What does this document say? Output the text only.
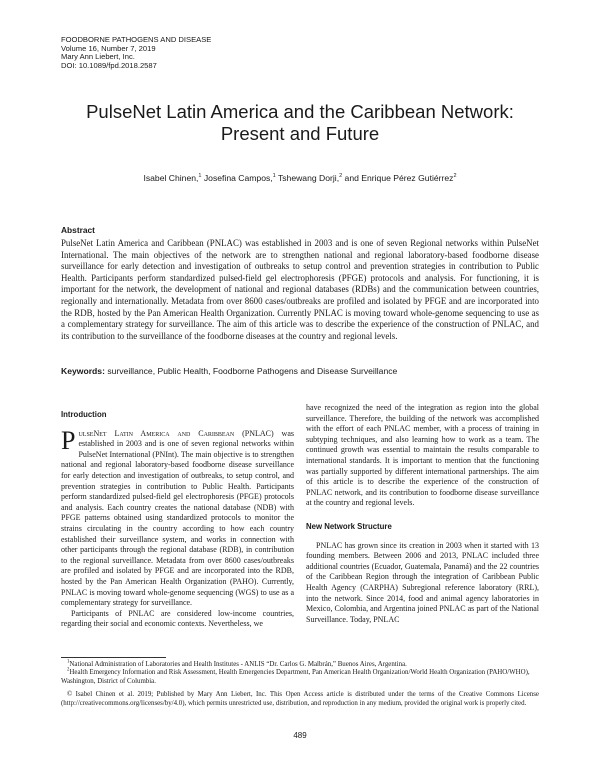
FOODBORNE PATHOGENS AND DISEASE
Volume 16, Number 7, 2019
Mary Ann Liebert, Inc.
DOI: 10.1089/fpd.2018.2587
PulseNet Latin America and the Caribbean Network:
Present and Future
Isabel Chinen,$^1$ Josefina Campos,$^1$ Tshewang Dorji,$^2$ and Enrique Pérez Gutiérrez$^2$
Abstract

PulseNet Latin America and Caribbean (PNLAC) was established in 2003 and is one of seven Regional networks within PulseNet International. The main objectives of the network are to strengthen national and regional laboratory-based foodborne disease surveillance for early detection and investigation of outbreaks to setup control and prevention strategies in contribution to Public Health. Participants perform standardized pulsed-field gel electrophoresis (PFGE) protocols and analysis. For functioning, it is important for the network, the development of national and regional databases (RDBs) and the communication between countries, regionally and internationally. Metadata from over 8600 cases/outbreaks are profiled and isolated by PFGE and are incorporated into the RDB, hosted by the Pan American Health Organization. Currently PNLAC is moving toward whole-genome sequencing to use as a complementary strategy for surveillance. The aim of this article was to describe the experience of the construction of PNLAC, and its contribution to the surveillance of the foodborne diseases at the country and regional levels.

Keywords: surveillance, Public Health, Foodborne Pathogens and Disease Surveillance
Introduction

PulseNet Latin America and Caribbean (PNLAC) was established in 2003 and is one of seven regional networks within PulseNet International (PNInt). The main objective is to strengthen national and regional laboratory-based foodborne disease surveillance for early detection and investigation of outbreaks, to setup control, and prevention strategies in contribution to Public Health. Participants perform standardized pulsed-field gel electrophoresis (PFGE) protocols and analysis. Each country creates the national database (NDB) with PFGE patterns obtained using standardized protocols to monitor the strains circulating in the country according to how each country established their surveillance system, and works in connection with other participants through the regional database (RDB), in contribution to the regional surveillance. Metadata from over 8600 cases/outbreaks are profiled and isolated by PFGE and are incorporated into the RDB, hosted by the Pan American Health Organization (PAHO). Currently, PNLAC is moving toward whole-genome sequencing (WGS) to use as a complementary strategy for surveillance.

Participants of PNLAC are considered low-income countries, regarding their social and economic contexts. Nevertheless, we

have recognized the need of the integration as region into the global surveillance. Therefore, the building of the network was accomplished with the effort of each PNLAC member, with a process of training in subtyping techniques, and also learning how to work as a team. The continued growth was essential to maintain the results comparable to international standards. It is important to mention that the functioning was partially supported by different international partnerships. The aim of this article is to describe the experience of the construction of PNLAC network, and its contribution to foodborne disease surveillance at the country and regional levels.

New Network Structure

PNLAC has grown since its creation in 2003 when it started with 13 founding members. Between 2006 and 2013, PNLAC included three additional countries (Ecuador, Guatemala, Panamá) and the 22 countries of the Caribbean Region through the integration of Caribbean Public Health Agency (CARPHA) Subregional reference laboratory (RRL), into the network. Since 2014, food and animal agency laboratories in Mexico, Colombia, and Argentina joined PNLAC as part of the National Surveillance. Today, PNLAC

$^1$National Administration of Laboratories and Health Institutes - ANLIS “Dr. Carlos G. Malbrán,” Buenos Aires, Argentina.

$^2$Health Emergency Information and Risk Assessment, Health Emergencies Department, Pan American Health Organization/World Health Organization (PAHO/WHO), Washington, District of Columbia.

© Isabel Chinen et al. 2019; Published by Mary Ann Liebert, Inc. This Open Access article is distributed under the terms of the Creative Commons License (http://creativecommons.org/licenses/by/4.0), which permits unrestricted use, distribution, and reproduction in any medium, provided the original work is properly cited.

489
